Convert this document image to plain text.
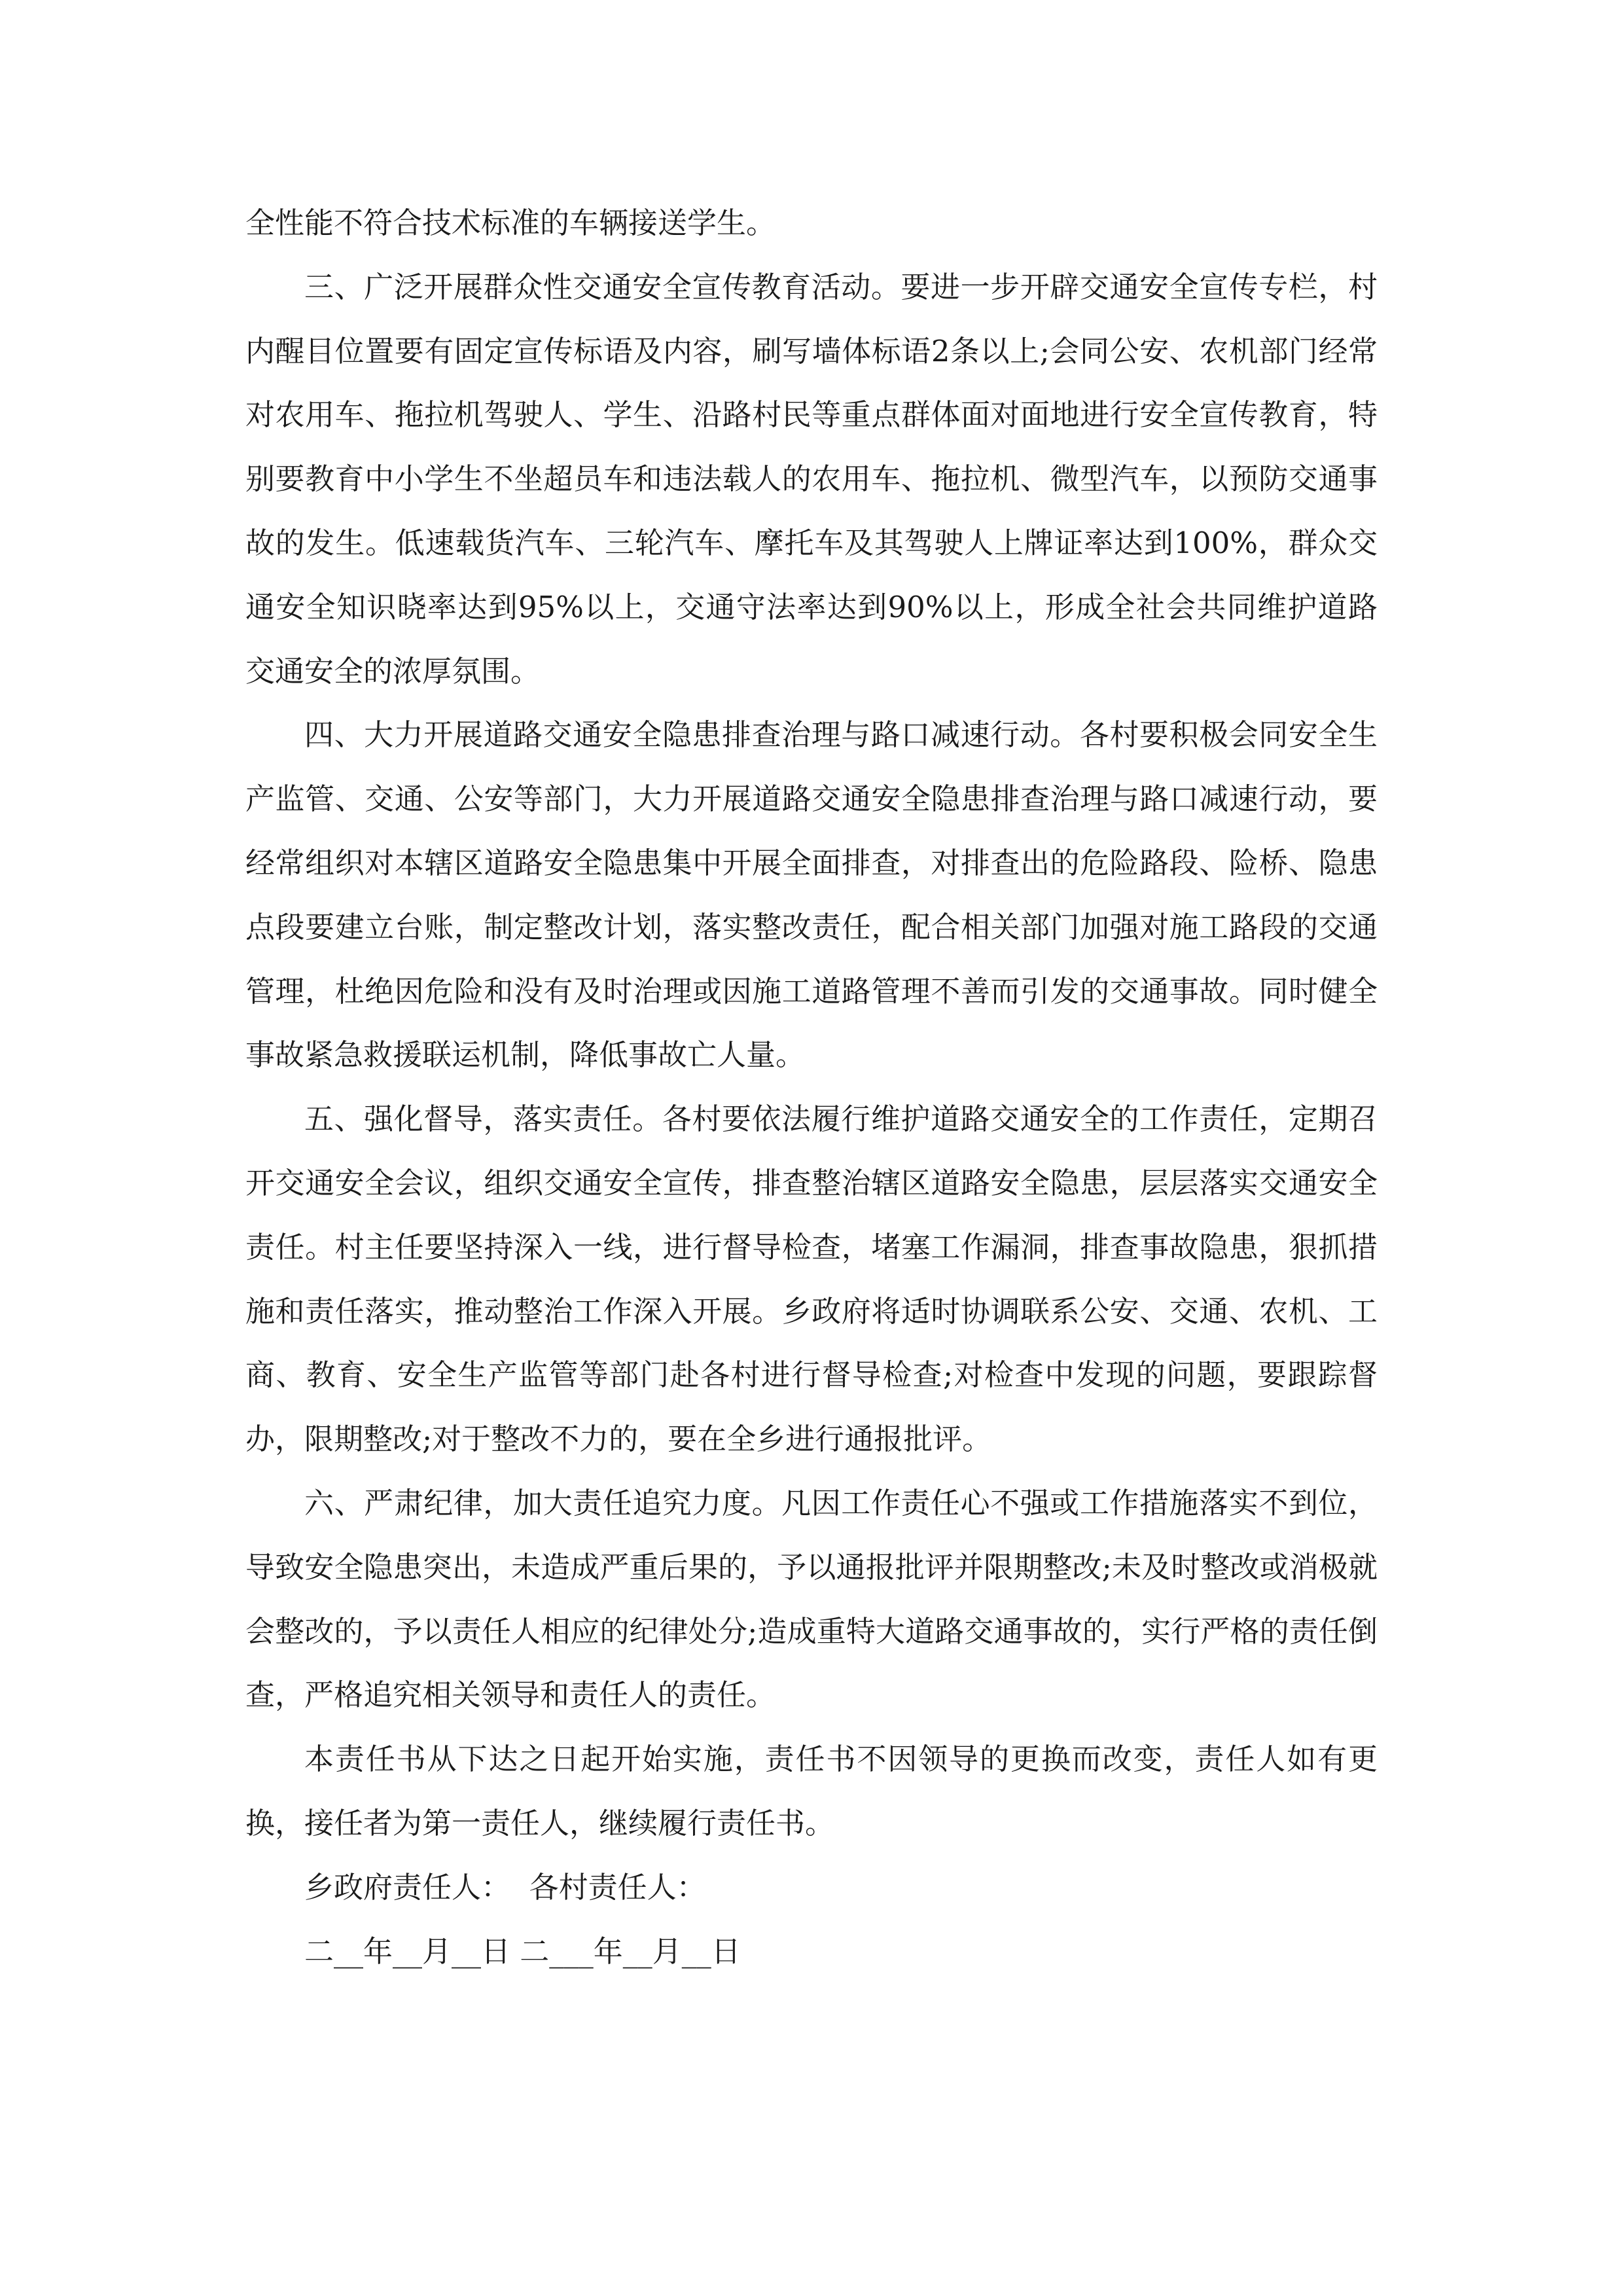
全性能不符合技术标准的车辆接送学生。

三、广泛开展群众性交通安全宣传教育活动。要进一步开辟交通安全宣传专栏，村内醒目位置要有固定宣传标语及内容，刷写墙体标语2条以上;会同公安、农机部门经常对农用车、拖拉机驾驶人、学生、沿路村民等重点群体面对面地进行安全宣传教育，特别要教育中小学生不坐超员车和违法载人的农用车、拖拉机、微型汽车，以预防交通事故的发生。低速载货汽车、三轮汽车、摩托车及其驾驶人上牌证率达到100%，群众交通安全知识晓率达到95%以上，交通守法率达到90%以上，形成全社会共同维护道路交通安全的浓厚氛围。

四、大力开展道路交通安全隐患排查治理与路口减速行动。各村要积极会同安全生产监管、交通、公安等部门，大力开展道路交通安全隐患排查治理与路口减速行动，要经常组织对本辖区道路安全隐患集中开展全面排查，对排查出的危险路段、险桥、隐患点段要建立台账，制定整改计划，落实整改责任，配合相关部门加强对施工路段的交通管理，杜绝因危险和没有及时治理或因施工道路管理不善而引发的交通事故。同时健全事故紧急救援联运机制，降低事故亡人量。

五、强化督导，落实责任。各村要依法履行维护道路交通安全的工作责任，定期召开交通安全会议，组织交通安全宣传，排查整治辖区道路安全隐患，层层落实交通安全责任。村主任要坚持深入一线，进行督导检查，堵塞工作漏洞，排查事故隐患，狠抓措施和责任落实，推动整治工作深入开展。乡政府将适时协调联系公安、交通、农机、工商、教育、安全生产监管等部门赴各村进行督导检查;对检查中发现的问题，要跟踪督办，限期整改;对于整改不力的，要在全乡进行通报批评。

六、严肃纪律，加大责任追究力度。凡因工作责任心不强或工作措施落实不到位，导致安全隐患突出，未造成严重后果的，予以通报批评并限期整改;未及时整改或消极就会整改的，予以责任人相应的纪律处分;造成重特大道路交通事故的，实行严格的责任倒查，严格追究相关领导和责任人的责任。

本责任书从下达之日起开始实施，责任书不因领导的更换而改变，责任人如有更换，接任者为第一责任人，继续履行责任书。

乡政府责任人：  各村责任人：

二__年__月__日 二___年__月__日
